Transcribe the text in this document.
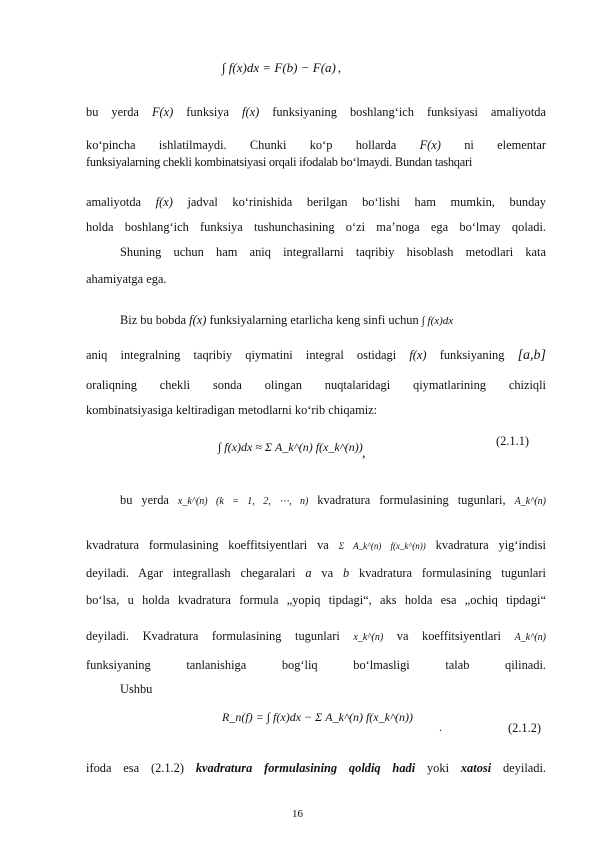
∫ f(x)dx = F(b) − F(a) ,
bu yerda F(x) funksiya f(x) funksiyaning boshlang‘ich funksiyasi amaliyotda
ko‘pincha ishlatilmaydi. Chunki ko‘p hollarda F(x) ni elementar
funksiyalarning chekli kombinatsiyasi orqali ifodalab bo‘lmaydi. Bundan tashqari
amaliyotda f(x) jadval ko‘rinishida berilgan bo‘lishi ham mumkin, bunday
holda boshlang‘ich funksiya tushunchasining o‘zi ma’noga ega bo‘lmay qoladi.
Shuning uchun ham aniq integrallarni taqribiy hisoblash metodlari kata
ahamiyatga ega.
Biz bu bobda f(x) funksiyalarning etarlicha keng sinfi uchun ∫ f(x)dx
aniq integralning taqribiy qiymatini integral ostidagi f(x) funksiyaning [a,b]
oraliqning chekli sonda olingan nuqtalaridagi qiymatlarining chiziqli
kombinatsiyasiga keltiradigan metodlarni ko‘rib chiqamiz:
∫ f(x)dx ≈ Σ A_k^(n) f(x_k^(n)) ,
(2.1.1)
bu yerda x_k^(n) (k = 1, 2, ⋯, n) kvadratura formulasining tugunlari, A_k^(n)
kvadratura formulasining koeffitsiyentlari va Σ A_k^(n) f(x_k^(n)) kvadratura yig‘indisi
deyiladi. Agar integrallash chegaralari a va b kvadratura formulasining tugunlari
bo‘lsa, u holda kvadratura formula „yopiq tipdagi“, aks holda esa „ochiq tipdagi“
deyiladi. Kvadratura formulasining tugunlari x_k^(n) va koeffitsiyentlari A_k^(n)
funksiyaning tanlanishiga bog‘liq bo‘lmasligi talab qilinadi.
Ushbu
R_n(f) = ∫ f(x)dx − Σ A_k^(n) f(x_k^(n))
.	(2.1.2)
ifoda esa (2.1.2) kvadratura formulasining qoldiq hadi yoki xatosi deyiladi.
16
